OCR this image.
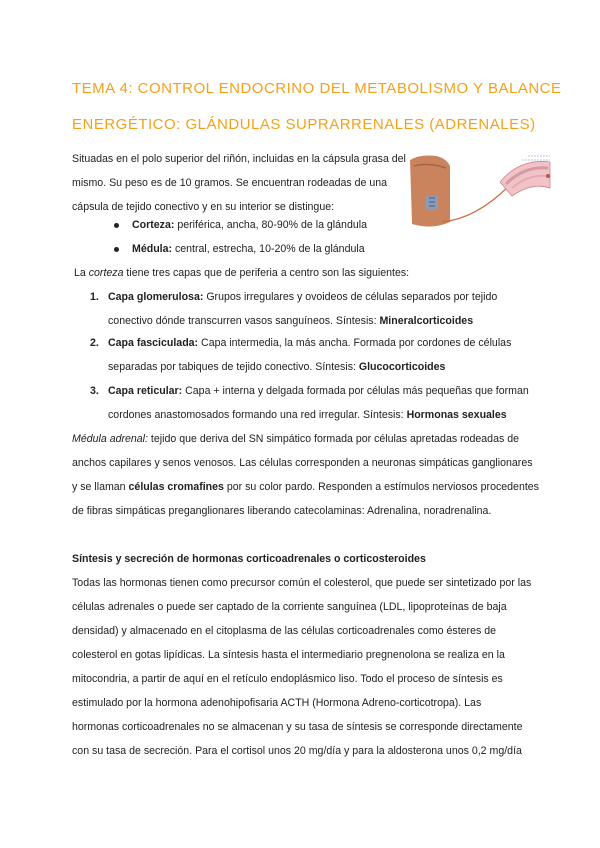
TEMA 4: CONTROL ENDOCRINO DEL METABOLISMO Y BALANCE
ENERGÉTICO: GLÁNDULAS SUPRARRENALES (ADRENALES)
Situadas en el polo superior del riñón, incluidas en la cápsula grasa del
mismo. Su peso es de 10 gramos. Se encuentran rodeadas de una
cápsula de tejido conectivo y en su interior se distingue:
Corteza: periférica, ancha, 80-90% de la glándula
Médula: central, estrecha, 10-20% de la glándula
La corteza tiene tres capas que de periferia a centro son las siguientes:
1. Capa glomerulosa: Grupos irregulares y ovoideos de células separados por tejido
conectivo dónde transcurren vasos sanguíneos. Síntesis: Mineralcorticoides
2. Capa fasciculada: Capa intermedia, la más ancha. Formada por cordones de células
separadas por tabiques de tejido conectivo. Síntesis: Glucocorticoides
3. Capa reticular: Capa + interna y delgada formada por células más pequeñas que forman
cordones anastomosados formando una red irregular. Síntesis: Hormonas sexuales
Médula adrenal: tejido que deriva del SN simpático formada por células apretadas rodeadas de
anchos capilares y senos venosos. Las células corresponden a neuronas simpáticas ganglionares
y se llaman células cromafines por su color pardo. Responden a estímulos nerviosos procedentes
de fibras simpáticas preganglionares liberando catecolaminas: Adrenalina, noradrenalina.
Síntesis y secreción de hormonas corticoadrenales o corticosteroides
Todas las hormonas tienen como precursor común el colesterol, que puede ser sintetizado por las
células adrenales o puede ser captado de la corriente sanguínea (LDL, lipoproteínas de baja
densidad) y almacenado en el citoplasma de las células corticoadrenales como ésteres de
colesterol en gotas lipídicas. La síntesis hasta el intermediario pregnenolona se realiza en la
mitocondria, a partir de aquí en el retículo endoplásmico liso. Todo el proceso de síntesis es
estimulado por la hormona adenohipofisaria ACTH (Hormona Adreno-corticotropa). Las
hormonas corticoadrenales no se almacenan y su tasa de síntesis se corresponde directamente
con su tasa de secreción. Para el cortisol unos 20 mg/día y para la aldosterona unos 0,2 mg/día
